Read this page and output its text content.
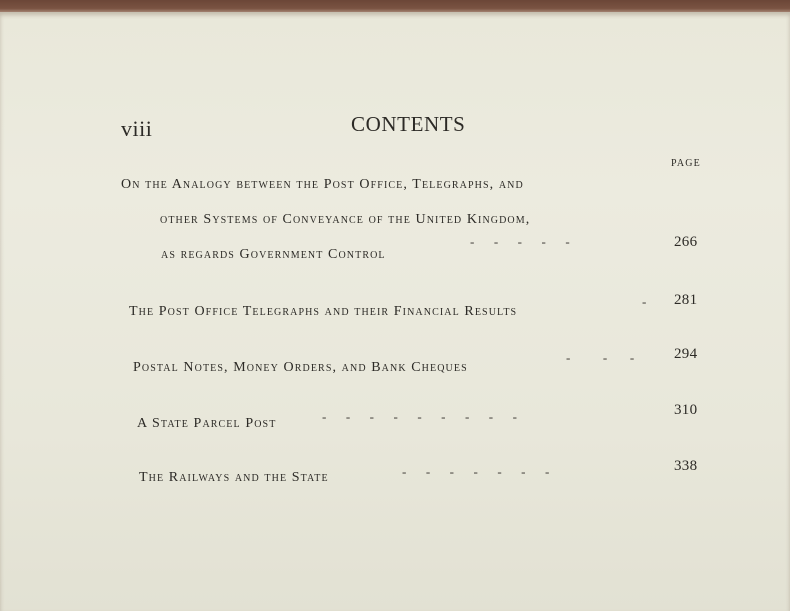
viii	CONTENTS
PAGE
On the Analogy between the Post Office, Telegraphs, and
other Systems of Conveyance of the United Kingdom,
as regards Government Control
-      -      -      -      -	266
The Post Office Telegraphs and their Financial Results
- 281
Postal Notes, Money Orders, and Bank Cheques
-          -       -	294
A State Parcel Post	-      -      -      -      -      -      -      -      -	310
The Railways and the State	-      -      -      -      -      -      -	338
